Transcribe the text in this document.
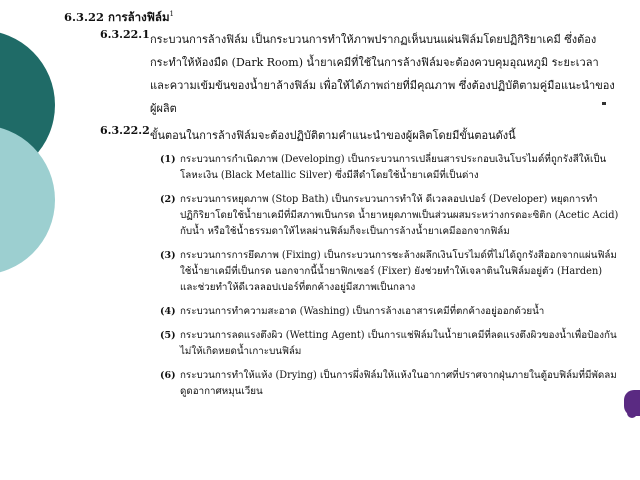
6.3.22 การล้างฟิล์ม$^1$
6.3.22.1 กระบวนการล้างฟิล์ม เป็นกระบวนการทำให้ภาพปรากฏเห็นบนแผ่นฟิล์มโดยปฏิกิริยาเคมี ซึ่งต้องกระทำให้ห้องมืด (Dark Room) น้ำยาเคมีที่ใช้ในการล้างฟิล์มจะต้องควบคุมอุณหภูมิ ระยะเวลา และความเข้มข้นของน้ำยาล้างฟิล์ม เพื่อให้ได้ภาพถ่ายที่มีคุณภาพ ซึ่งต้องปฏิบัติตามคู่มือแนะนำของผู้ผลิต
6.3.22.2 ขั้นตอนในการล้างฟิล์มจะต้องปฏิบัติตามคำแนะนำของผู้ผลิตโดยมีขั้นตอนดังนี้
(1) กระบวนการกำเนิดภาพ (Developing) เป็นกระบวนการเปลี่ยนสารประกอบเงินโบรไมด์ที่ถูกรังสีให้เป็นโลหะเงิน (Black Metallic Silver) ซึ่งมีสีดำโดยใช้น้ำยาเคมีที่เป็นด่าง
(2) กระบวนการหยุดภาพ (Stop Bath) เป็นกระบวนการทำให้ ดีเวลลอปเปอร์ (Developer) หยุดการทำปฏิกิริยาโดยใช้น้ำยาเคมีที่มีสภาพเป็นกรด น้ำยาหยุดภาพเป็นส่วนผสมระหว่างกรดอะซิติก (Acetic Acid) กับน้ำ หรือใช้น้ำธรรมดาให้ไหลผ่านฟิล์มก็จะเป็นการล้างน้ำยาเคมีออกจากฟิล์ม
(3) กระบวนการการยึดภาพ (Fixing) เป็นกระบวนการชะล้างผลึกเงินโบรไมด์ที่ไม่ได้ถูกรังสีออกจากแผ่นฟิล์มใช้น้ำยาเคมีที่เป็นกรด นอกจากนี้น้ำยาฟิกเซอร์ (Fixer) ยังช่วยทำให้เจลาตินในฟิล์มอยู่ตัว (Harden) และช่วยทำให้ดีเวลลอปเปอร์ที่ตกค้างอยู่มีสภาพเป็นกลาง
(4) กระบวนการทำความสะอาด (Washing) เป็นการล้างเอาสารเคมีที่ตกค้างอยู่ออกด้วยน้ำ
(5) กระบวนการลดแรงตึงผิว (Wetting Agent) เป็นการแช่ฟิล์มในน้ำยาเคมีที่ลดแรงตึงผิวของน้ำเพื่อป้องกันไม่ให้เกิดหยดน้ำเกาะบนฟิล์ม
(6) กระบวนการทำให้แห้ง (Drying) เป็นการผึ่งฟิล์มให้แห้งในอากาศที่ปราศจากฝุ่นภายในตู้อบฟิล์มที่มีพัดลมดูดอากาศหมุนเวียน
